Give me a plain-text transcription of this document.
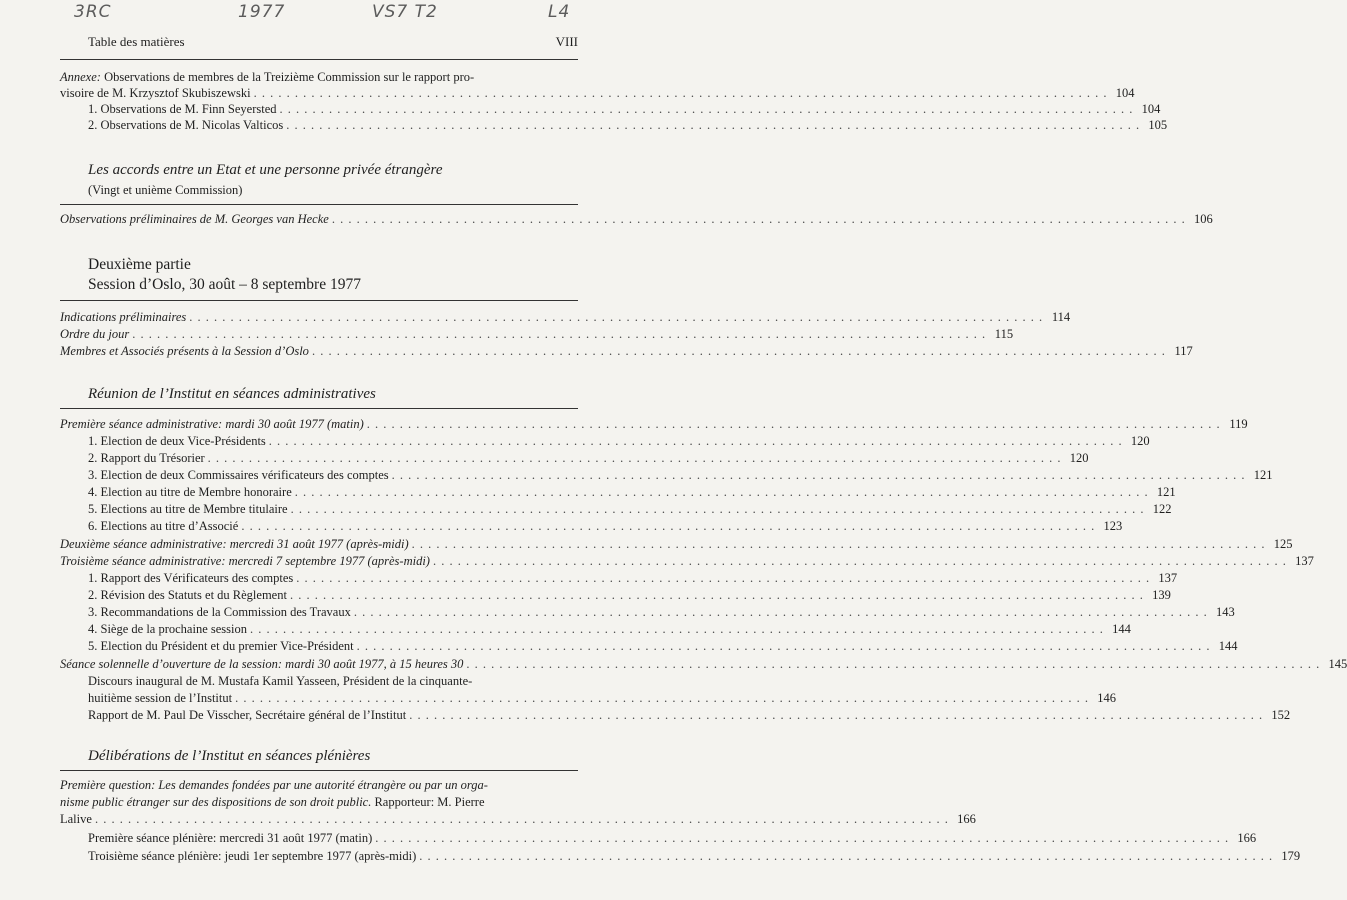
3RC	1977	VS7 T2	L4
Table des matières	VIII
Annexe: Observations de membres de la Treizième Commission sur le rapport pro-
visoire de M. Krzysztof Skubiszewski . . .	104
1. Observations de M. Finn Seyersted . . .	104
2. Observations de M. Nicolas Valticos . . .	105
Les accords entre un Etat et une personne privée étrangère
(Vingt et unième Commission)
Observations préliminaires de M. Georges van Hecke . . .	106
Deuxième partie
Session d’Oslo, 30 août – 8 septembre 1977
Indications préliminaires . . .	114
Ordre du jour . . .	115
Membres et Associés présents à la Session d’Oslo . . .	117
Réunion de l’Institut en séances administratives
Première séance administrative: mardi 30 août 1977 (matin) . . .	119
1. Election de deux Vice-Présidents . . .	120
2. Rapport du Trésorier . . .	120
3. Election de deux Commissaires vérificateurs des comptes . . .	121
4. Election au titre de Membre honoraire . . .	121
5. Elections au titre de Membre titulaire . . .	122
6. Elections au titre d’Associé . . .	123
Deuxième séance administrative: mercredi 31 août 1977 (après-midi) . . .	125
Troisième séance administrative: mercredi 7 septembre 1977 (après-midi) . . .	137
1. Rapport des Vérificateurs des comptes . . .	137
2. Révision des Statuts et du Règlement . . .	139
3. Recommandations de la Commission des Travaux . . .	143
4. Siège de la prochaine session . . .	144
5. Election du Président et du premier Vice-Président . . .	144
Séance solennelle d’ouverture de la session: mardi 30 août 1977, à 15 heures 30 . . .	145
Discours inaugural de M. Mustafa Kamil Yasseen, Président de la cinquante-
huitième session de l’Institut . . .	146
Rapport de M. Paul De Visscher, Secrétaire général de l’Institut . . .	152
Délibérations de l’Institut en séances plénières
Première question: Les demandes fondées par une autorité étrangère ou par un orga-
nisme public étranger sur des dispositions de son droit public. Rapporteur: M. Pierre
Lalive . . .	166
Première séance plénière: mercredi 31 août 1977 (matin) . . .	166
Troisième séance plénière: jeudi 1er septembre 1977 (après-midi) . . .	179
